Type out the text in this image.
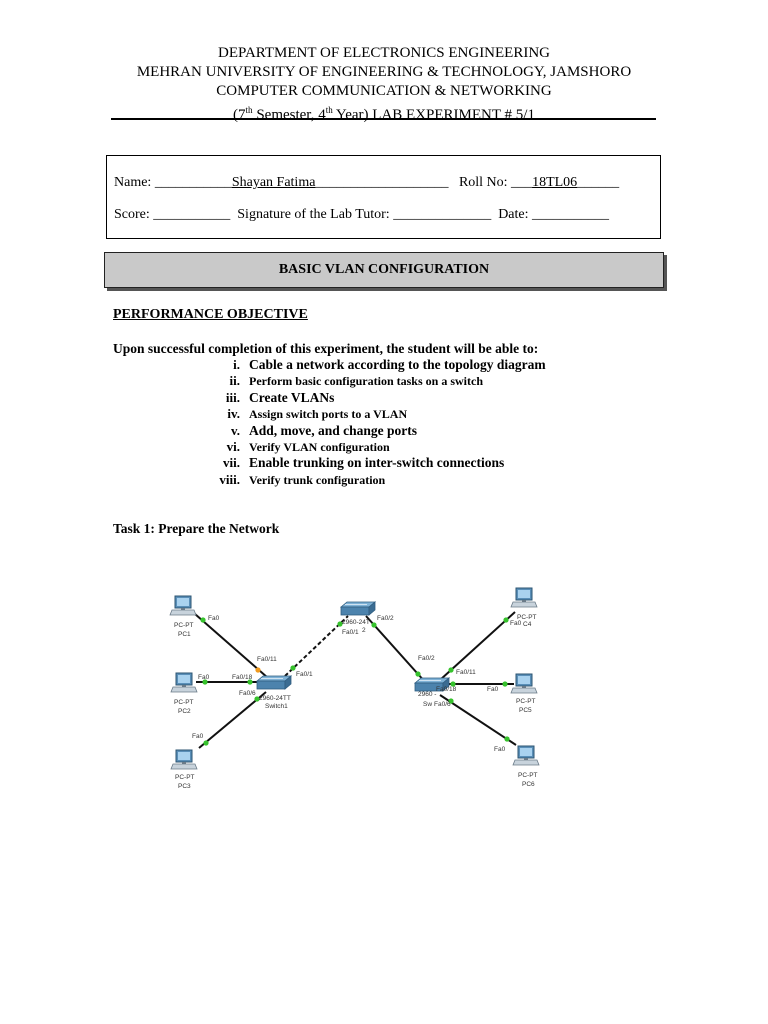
DEPARTMENT OF ELECTRONICS ENGINEERING
MEHRAN UNIVERSITY OF ENGINEERING & TECHNOLOGY, JAMSHORO
COMPUTER COMMUNICATION & NETWORKING
(7th Semester, 4th Year) LAB EXPERIMENT # 5/1
Name: ___________Shayan Fatima___________________   Roll No: ___18TL06______
Score: ___________  Signature of the Lab Tutor: ______________  Date: ___________
BASIC VLAN CONFIGURATION
PERFORMANCE OBJECTIVE
Upon successful completion of this experiment, the student will be able to:
i. Cable a network according to the topology diagram
ii. Perform basic configuration tasks on a switch
iii. Create VLANs
iv. Assign switch ports to a VLAN
v. Add, move, and change ports
vi. Verify VLAN configuration
vii. Enable trunking on inter-switch connections
viii. Verify trunk configuration
Task 1: Prepare the Network
PC-PT
PC1
PC-PT
PC2
PC-PT
PC3
PC-PT
C4
PC-PT
PC5
PC-PT
PC6
2960-24TT
Switch1
2960-24T
2960 -
Sw
Fa0
Fa0/11
Fa0	Fa0/18
Fa0/6
Fa0/1
Fa0
Fa0/2
Fa0/1 2
Fa0/2
Fa0/11
Fa0/18
Fa0/6
Fa0
Fa0
Fa0
